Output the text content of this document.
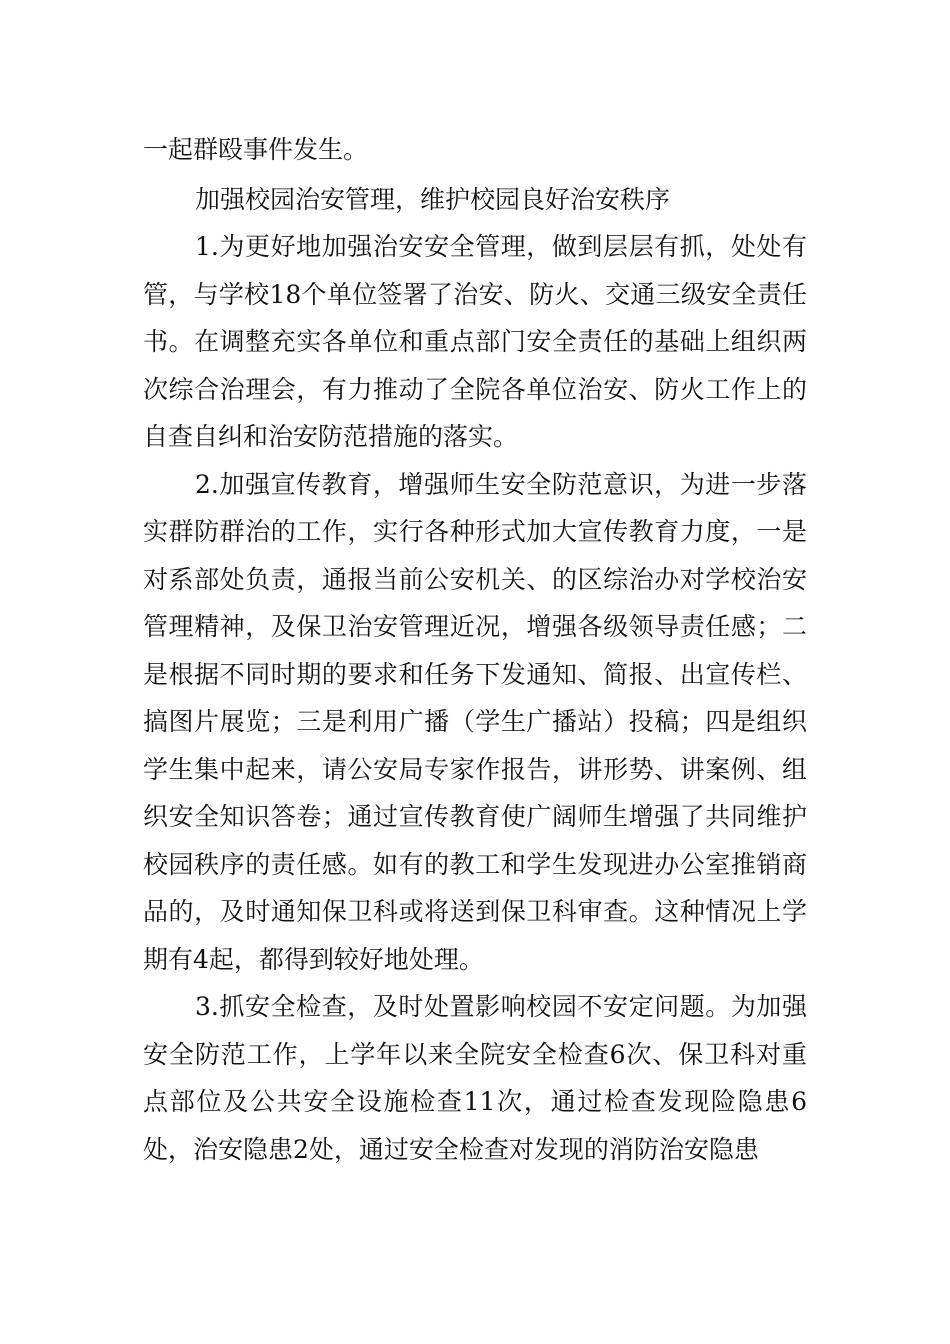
一起群殴事件发生。

加强校园治安管理，维护校园良好治安秩序

1.为更好地加强治安安全管理，做到层层有抓，处处有管，与学校18个单位签署了治安、防火、交通三级安全责任书。在调整充实各单位和重点部门安全责任的基础上组织两次综合治理会，有力推动了全院各单位治安、防火工作上的自查自纠和治安防范措施的落实。

2.加强宣传教育，增强师生安全防范意识，为进一步落实群防群治的工作，实行各种形式加大宣传教育力度，一是对系部处负责，通报当前公安机关、的区综治办对学校治安管理精神，及保卫治安管理近况，增强各级领导责任感；二是根据不同时期的要求和任务下发通知、简报、出宣传栏、搞图片展览；三是利用广播（学生广播站）投稿；四是组织学生集中起来，请公安局专家作报告，讲形势、讲案例、组织安全知识答卷；通过宣传教育使广阔师生增强了共同维护校园秩序的责任感。如有的教工和学生发现进办公室推销商品的，及时通知保卫科或将送到保卫科审查。这种情况上学期有4起，都得到较好地处理。

3.抓安全检查，及时处置影响校园不安定问题。为加强安全防范工作，上学年以来全院安全检查6次、保卫科对重点部位及公共安全设施检查11次，通过检查发现险隐患6处，治安隐患2处，通过安全检查对发现的消防治安隐患
